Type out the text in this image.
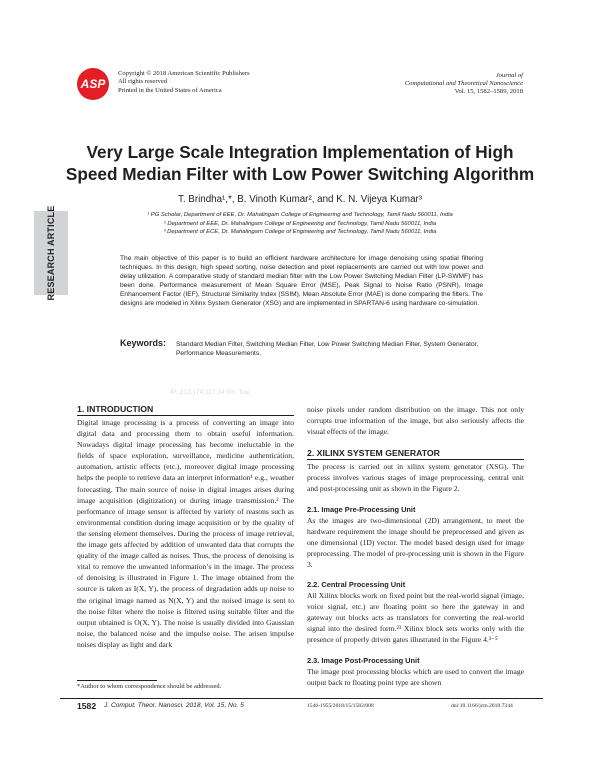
ASP
Copyright © 2018 American Scientific Publishers
All rights reserved
Printed in the United States of America
Journal of
Computational and Theoretical Nanoscience
Vol. 15, 1582–1589, 2018
Very Large Scale Integration Implementation of High
Speed Median Filter with Low Power Switching Algorithm
T. Brindha¹,*, B. Vinoth Kumar², and K. N. Vijeya Kumar³
¹ PG Scholar, Department of EEE, Dr. Mahalingam College of Engineering and Technology, Tamil Nadu 560011, India
² Department of EEE, Dr. Mahalingam College of Engineering and Technology, Tamil Nadu 560011, India
³ Department of ECE, Dr. Mahalingam College of Engineering and Technology, Tamil Nadu 560011, India
RESEARCH ARTICLE	The main objective of this paper is to build an efficient hardware architecture for image denoising using spatial filtering techniques. In this design, high speed sorting, noise detection and pixel replacements are carried out with low power and delay utilization. A comparative study of standard median filter with the Low Power Switching Median Filter (LP-SWMF) has been done. Performance measurement of Mean Square Error (MSE), Peak Signal to Noise Ratio (PSNR), Image Enhancement Factor (IEF), Structural Similarity Index (SSIM), Mean Absolute Error (MAE) is done comparing the filters. The designs are modeled in Xilinx System Generator (XSG) and are implemented in SPARTAN-6 using hardware co-simulation.
Keywords: Standard Median Filter, Switching Median Filter, Low Power Switching Median Filter, System Generator, Performance Measurements.
IP: 212.174.117.34 On: Tue
1. INTRODUCTION

Digital image processing is a process of converting an image into digital data and processing them to obtain useful information. Nowadays digital image processing has become ineluctable in the fields of space exploration, surveillance, medicine authentication, automation, artistic effects (etc.), moreover digital image processing helps the people to retrieve data an interpret information¹ e.g., weather forecasting. The main source of noise in digital images arises during image acquisition (digitization) or during image transmission.² The performance of image sensor is affected by variety of reasons such as environmental condition during image acquisition or by the quality of the sensing element themselves. During the process of image retrieval, the image gets affected by addition of unwanted data that corrupts the quality of the image called as noises. Thus, the process of denoising is vital to remove the unwanted information’s in the image. The process of denoising is illustrated in Figure 1. The image obtained from the source is taken as I(X, Y), the process of degradation adds up noise to the original image named as N(X, Y) and the noised image is sent to the noise filter where the noise is filtered using suitable filter and the output obtained is O(X, Y). The noise is usually divided into Gaussian noise, the balanced noise and the impulse noise. The arisen impulse noises display as light and dark

noise pixels under random distribution on the image. This not only corrupts true information of the image, but also seriously affects the visual effects of the image.

2. XILINX SYSTEM GENERATOR

The process is carried out in xilinx system generator (XSG). The process involves various stages of image preprocessing, central unit and post-processing unit as shown in the Figure 2.

2.1. Image Pre-Processing Unit

As the images are two-dimensional (2D) arrangement, to meet the hardware requirement the image should be preprocessed and given as one dimensional (1D) vector. The model based design used for image preprocessing. The model of pre-processing unit is shown in the Figure 3.

2.2. Central Processing Unit

All Xilinx blocks work on fixed point but the real-world signal (image, voice signal, etc.) are floating point so here the gateway in and gateway out blocks acts as translators for converting the real-world signal into the desired form.²³ Xilinx block sets works only with the presence of properly driven gates illustrated in the Figure 4.³⁻⁵

2.3. Image Post-Processing Unit

The image post processing blocks which are used to convert the image output back to floating point type are shown

*Author to whom correspondence should be addressed.
1582 J. Comput. Theor. Nanosci. 2018, Vol. 15, No. 5	1546-1955/2018/15/1582/008	doi:10.1166/jctn.2018.7344
